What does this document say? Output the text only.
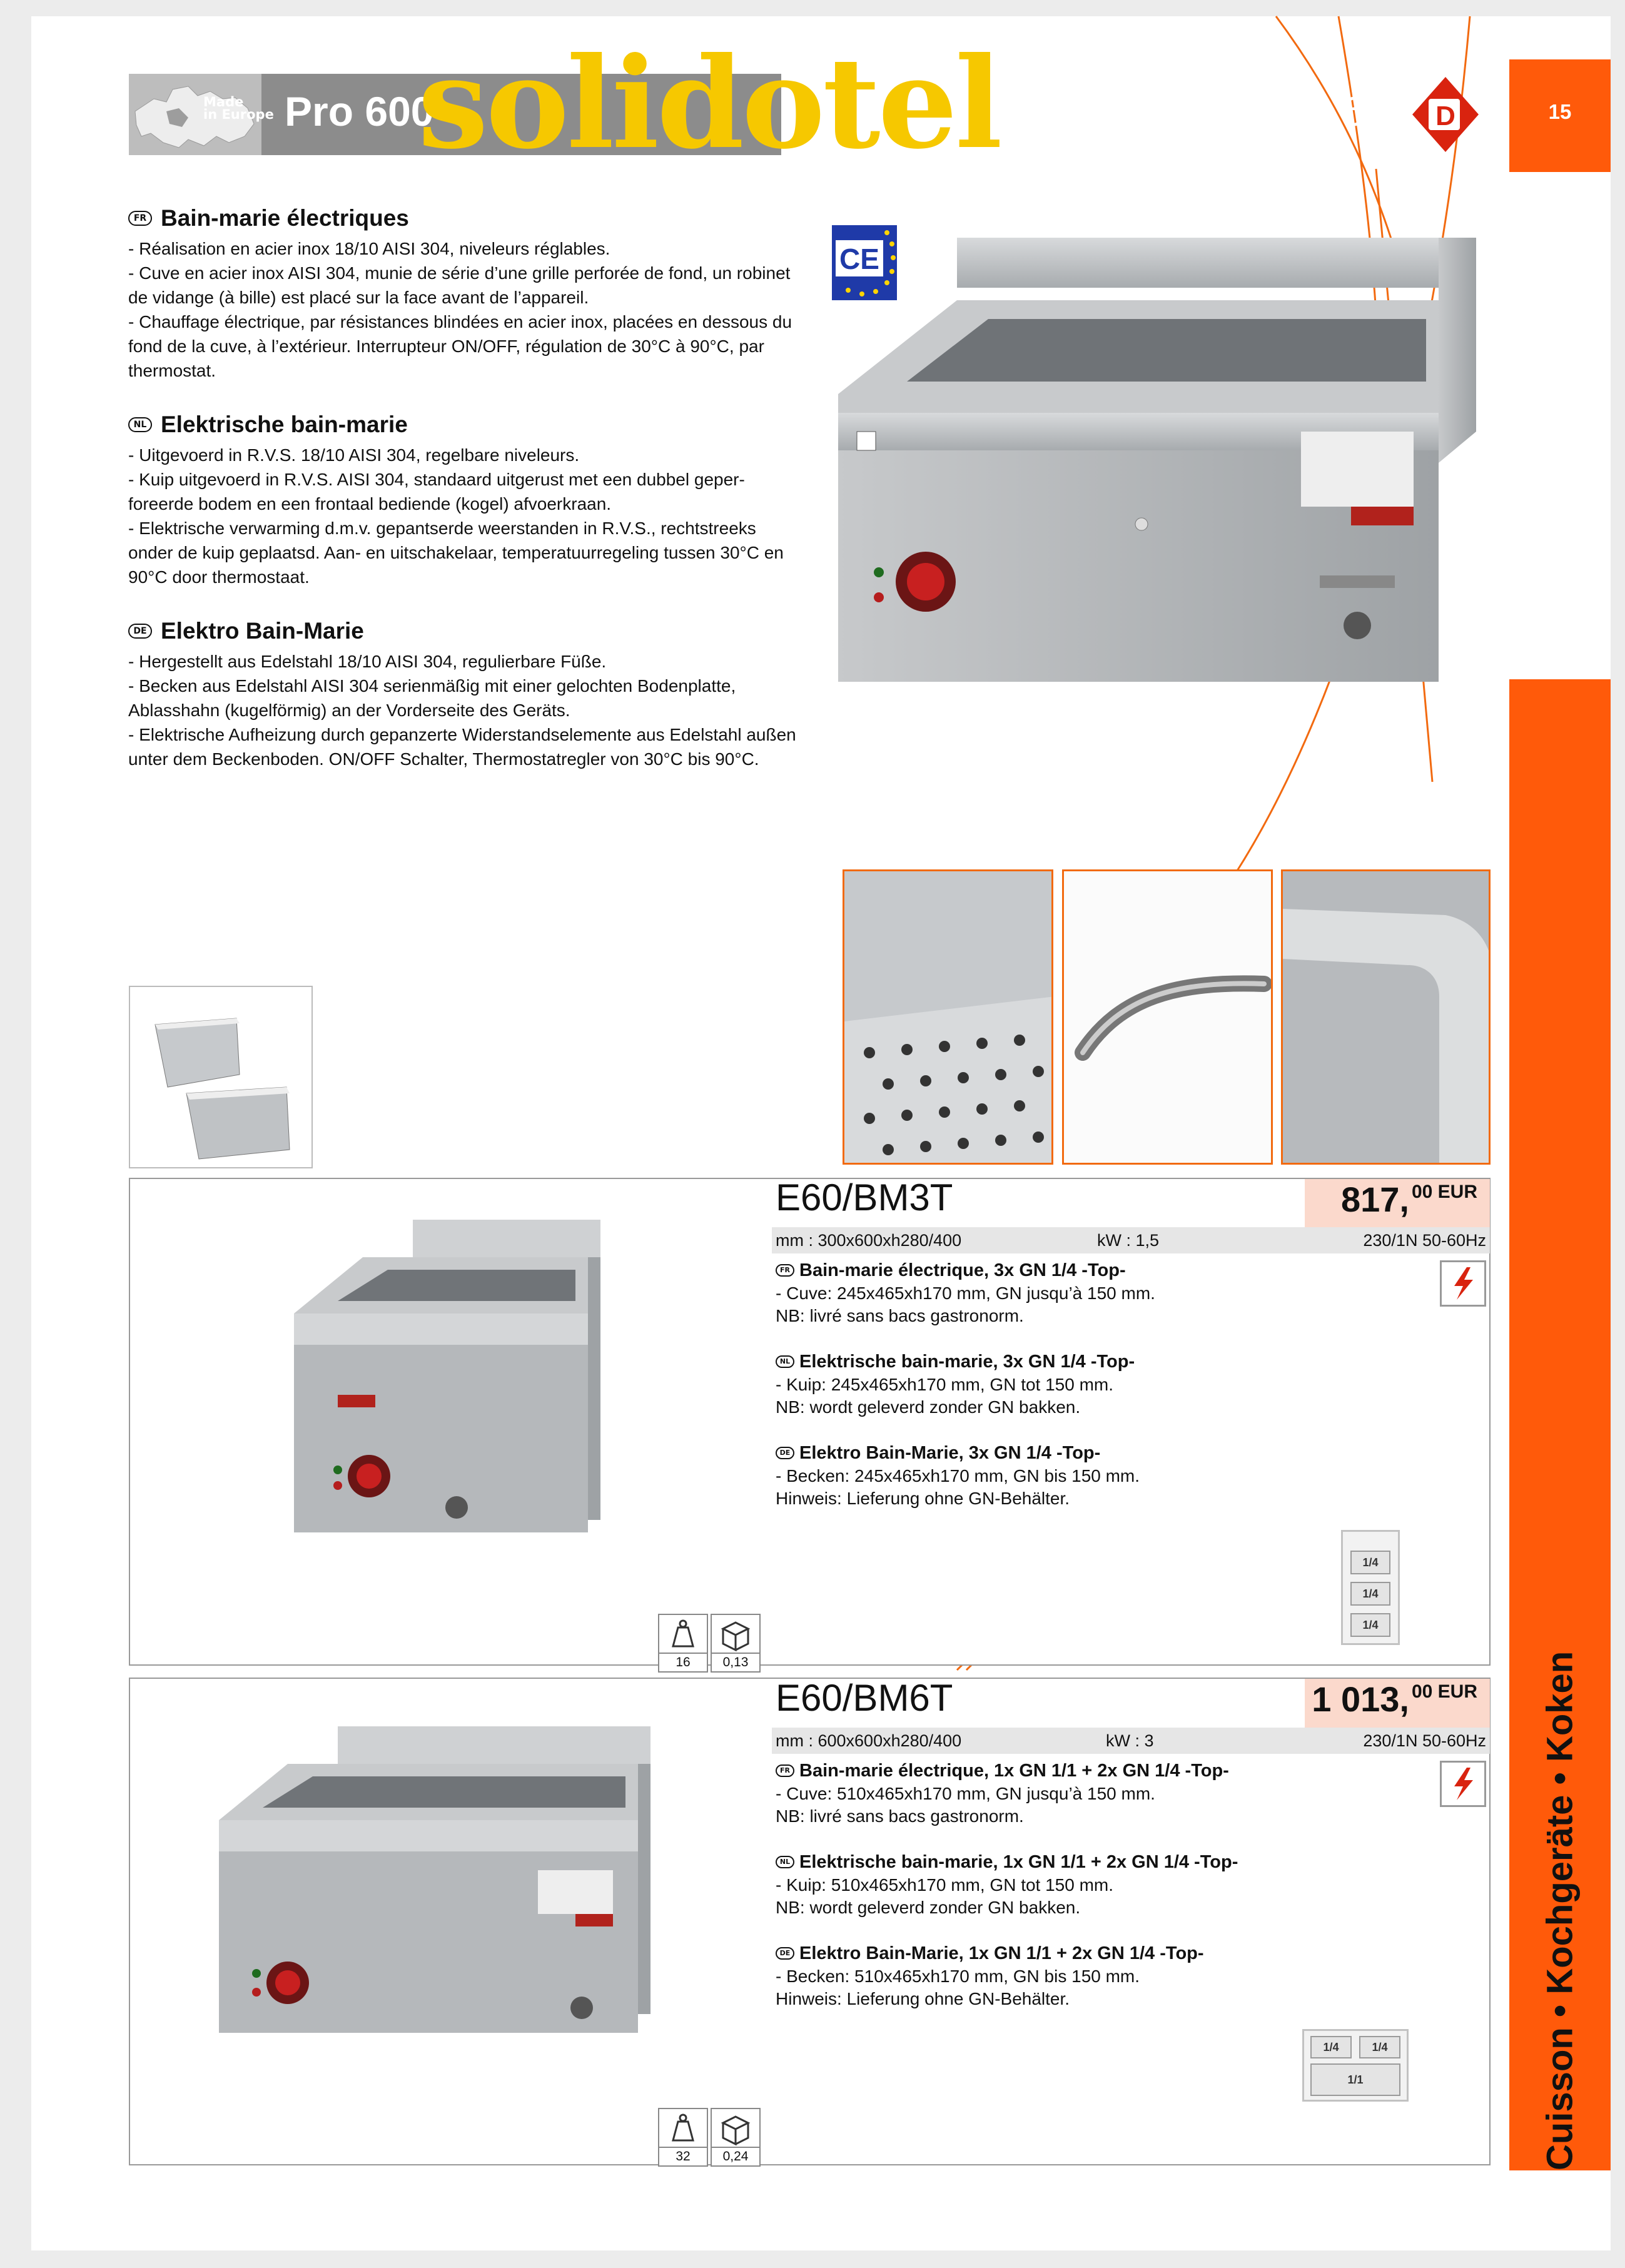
Made
in Europe Pro 600	Modular Cooking 600
solidotel	D	15
Cuisson • Kochgeräte • Koken
FR Bain-marie électriques
- Réalisation en acier inox 18/10 AISI 304, niveleurs réglables.
- Cuve en acier inox AISI 304, munie de série d’une grille perforée de fond, un robinet
de vidange (à bille) est placé sur la face avant de l’appareil.
- Chauffage électrique, par résistances blindées en acier inox, placées en dessous du
fond de la cuve, à l’extérieur. Interrupteur ON/OFF, régulation de 30°C à 90°C, par
thermostat.
NL Elektrische bain-marie
- Uitgevoerd in R.V.S. 18/10 AISI 304, regelbare niveleurs.
- Kuip uitgevoerd in R.V.S. AISI 304, standaard uitgerust met een dubbel geper-
foreerde bodem en een frontaal bediende (kogel) afvoerkraan.
- Elektrische verwarming d.m.v. gepantserde weerstanden in R.V.S., rechtstreeks
onder de kuip geplaatsd. Aan- en uitschakelaar, temperatuurregeling tussen 30°C en
90°C door thermostaat.
DE Elektro Bain-Marie
- Hergestellt aus Edelstahl 18/10 AISI 304, regulierbare Füße.
- Becken aus Edelstahl AISI 304 serienmäßig mit einer gelochten Bodenplatte,
Ablasshahn (kugelförmig) an der Vorderseite des Geräts.
- Elektrische Aufheizung durch gepanzerte Widerstandselemente aus Edelstahl außen
unter dem Beckenboden. ON/OFF Schalter, Thermostatregler von 30°C bis 90°C.
CE
E60/BM3T	817, $^{00 EUR}$
mm : 300x600xh280/400	kW : 1,5	230/1N 50-60Hz
FR Bain-marie électrique, 3x GN 1/4 -Top-
- Cuve: 245x465xh170 mm, GN jusqu’à 150 mm.
NB: livré sans bacs gastronorm.
NL Elektrische bain-marie, 3x GN 1/4 -Top-
- Kuip: 245x465xh170 mm, GN tot 150 mm.
NB: wordt geleverd zonder GN bakken.
DE Elektro Bain-Marie, 3x GN 1/4 -Top-
- Becken: 245x465xh170 mm, GN bis 150 mm.
Hinweis: Lieferung ohne GN-Behälter.
1/4
1/4
1/4
16	0,13
E60/BM6T	1 013, $^{00 EUR}$
mm : 600x600xh280/400	kW : 3	230/1N 50-60Hz
FR Bain-marie électrique, 1x GN 1/1 + 2x GN 1/4 -Top-
- Cuve: 510x465xh170 mm, GN jusqu’à 150 mm.
NB: livré sans bacs gastronorm.
NL Elektrische bain-marie, 1x GN 1/1 + 2x GN 1/4 -Top-
- Kuip: 510x465xh170 mm, GN tot 150 mm.
NB: wordt geleverd zonder GN bakken.
DE Elektro Bain-Marie, 1x GN 1/1 + 2x GN 1/4 -Top-
- Becken: 510x465xh170 mm, GN bis 150 mm.
Hinweis: Lieferung ohne GN-Behälter.
1/4	1/4
1/1
32	0,24
